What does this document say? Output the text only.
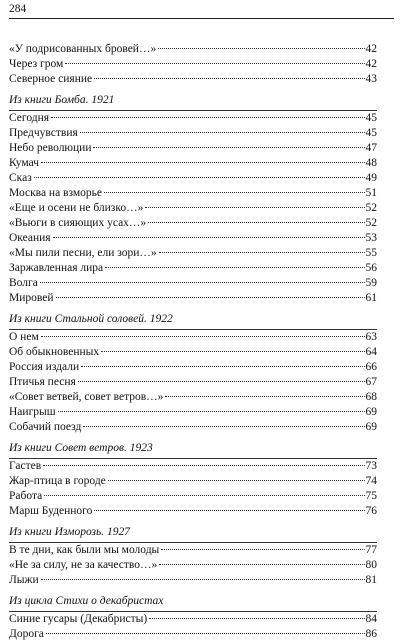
284
«У подрисованных бровей…»	42
Через гром	42
Северное сияние	43
Из книги Бомба. 1921
Сегодня	45
Предчувствия	45
Небо революции	47
Кумач	48
Сказ	49
Москва на взморье	51
«Еще и осени не близко…»	52
«Вьюги в сияющих усах…»	52
Океания	53
«Мы пили песни, ели зори…»	55
Заржавленная лира	56
Волга	59
Мировей	61
Из книги Стальной соловей. 1922
О нем	63
Об обыкновенных	64
Россия издали	66
Птичья песня	67
«Совет ветвей, совет ветров…»	68
Наигрыш	69
Собачий поезд	69
Из книги Совет ветров. 1923
Гастев	73
Жар-птица в городе	74
Работа	75
Марш Буденного	76
Из книги Изморозь. 1927
В те дни, как были мы молоды	77
«Не за силу, не за качество…»	80
Лыжи	81
Из цикла Стихи о декабристах
Синие гусары (Декабристы)	84
Дорога	86
